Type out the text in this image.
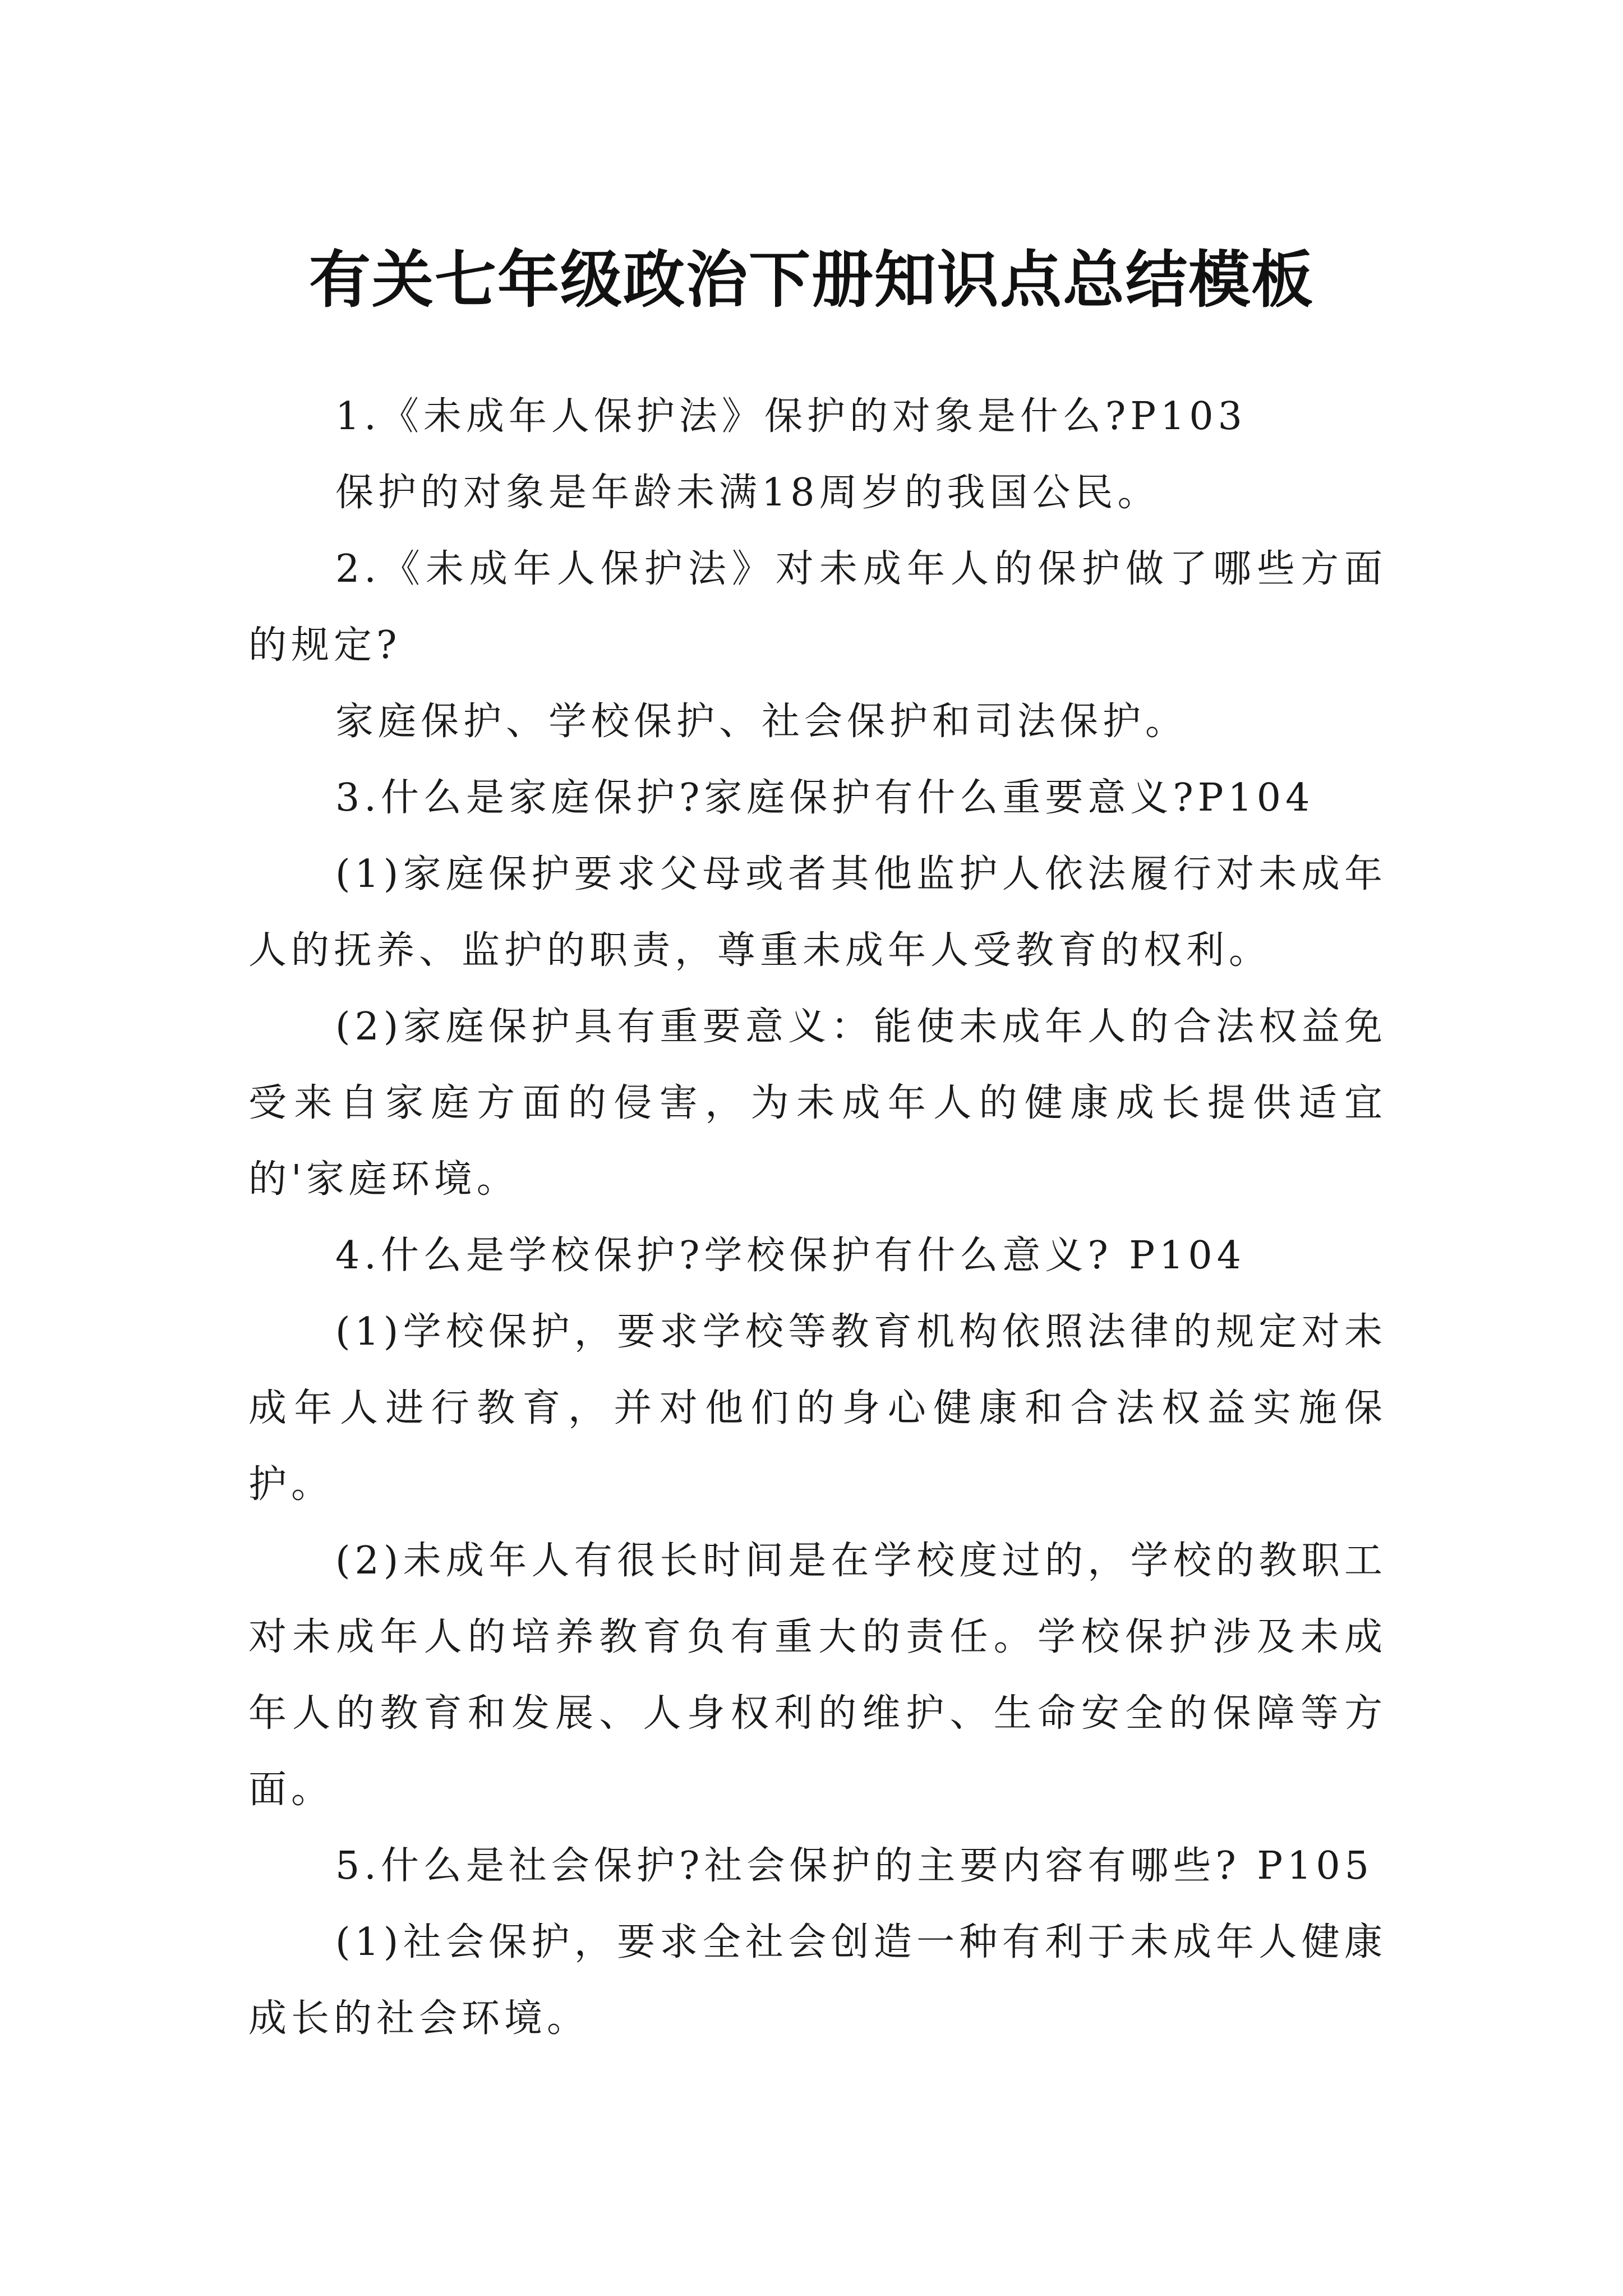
有关七年级政治下册知识点总结模板

1.《未成年人保护法》保护的对象是什么?P103

保护的对象是年龄未满18周岁的我国公民。

2.《未成年人保护法》对未成年人的保护做了哪些方面的规定?

家庭保护、学校保护、社会保护和司法保护。

3.什么是家庭保护?家庭保护有什么重要意义?P104

(1)家庭保护要求父母或者其他监护人依法履行对未成年人的抚养、监护的职责，尊重未成年人受教育的权利。

(2)家庭保护具有重要意义：能使未成年人的合法权益免受来自家庭方面的侵害，为未成年人的健康成长提供适宜的'家庭环境。

4.什么是学校保护?学校保护有什么意义? P104

(1)学校保护，要求学校等教育机构依照法律的规定对未成年人进行教育，并对他们的身心健康和合法权益实施保护。

(2)未成年人有很长时间是在学校度过的，学校的教职工对未成年人的培养教育负有重大的责任。学校保护涉及未成年人的教育和发展、人身权利的维护、生命安全的保障等方面。

5.什么是社会保护?社会保护的主要内容有哪些? P105

(1)社会保护，要求全社会创造一种有利于未成年人健康成长的社会环境。
